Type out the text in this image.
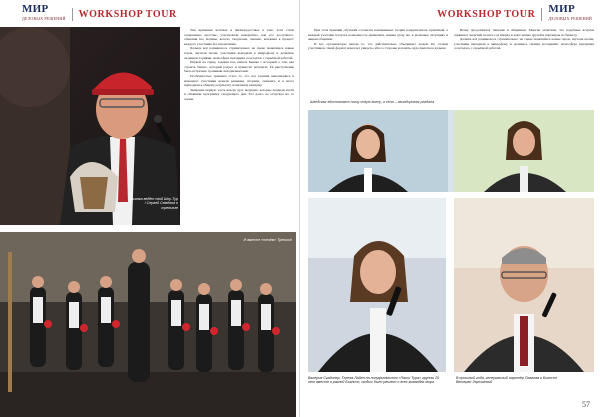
МИР
ДЕЛОВЫХ РЕШЕНИЙ WORKSHOP TOUR
Бьянка ведёт свой Шоу-Тур / Сергей Семёнов о тренинге

Тем временем весёлые и жизнерадостные в зале, хотя стали совершенно простые, участвовали невероятно, как его доступного, объясняя все мотивы, весело, творчески, смешно, вовлекая в процесс каждого участника без исключения.

Дальше всё развивалось стремительно: на сцене появлялись новые герои, звучали песни, участники выходили к микрофону и делились своими историями. Атмосфера праздника сочеталась с серьёзной работой.

Первой на сцену, задавая тон, вышла Бьянка с историей о том, как строить бизнес, который радует и приносит результат. Её выступление было встречено громкими аплодисментами.

Особенностью тренинга стало то, что все задания выполнялись в командах: участники искали решения, спорили, смеялись и в итоге приходили к общему результату, понятному каждому.

Завершил первую часть вечера дуэт ведущих, которые подвели итоги и объявили программу следующего дня. Зал долго не отпускал их со сцены.

И вместе «течём» Тренинг!
WORKSHOP TOUR МИР
ДЕЛОВЫХ РЕШЕНИЙ

При этом принцип обучения оставался неизменным: теория подкреплялась практикой, а каждый участник получал возможность применить знания сразу же, в реальных ситуациях и живом общении.

И вот организаторы нашли то, что действительно объединяет людей. По словам участников, такой формат помогает увидеть себя со стороны и понять, куда двигаться дальше.

Вечер продолжился танцами и общением. Многие отметили, что подобные встречи заряжают энергией на весь год вперёд и дают новых друзей и партнёров по бизнесу.

Дальше всё развивалось стремительно: на сцене появлялись новые герои, звучали песни, участники выходили к микрофону и делились своими историями. Атмосфера праздника сочеталась с серьёзной работой.

Шведская вдохновляет нашу новую волну, а сена – авиадорожек раздала
Валерия Сгадинер, Тереза Лайен на полуфинальном «Пати Тура» группы 20 лет вместе в разной Бьянсон, отдых было решено о всех командах мира
В прошлый года, генеральный партнёр Павлова и Бьянсон Ветеран Эпрошевый
57
